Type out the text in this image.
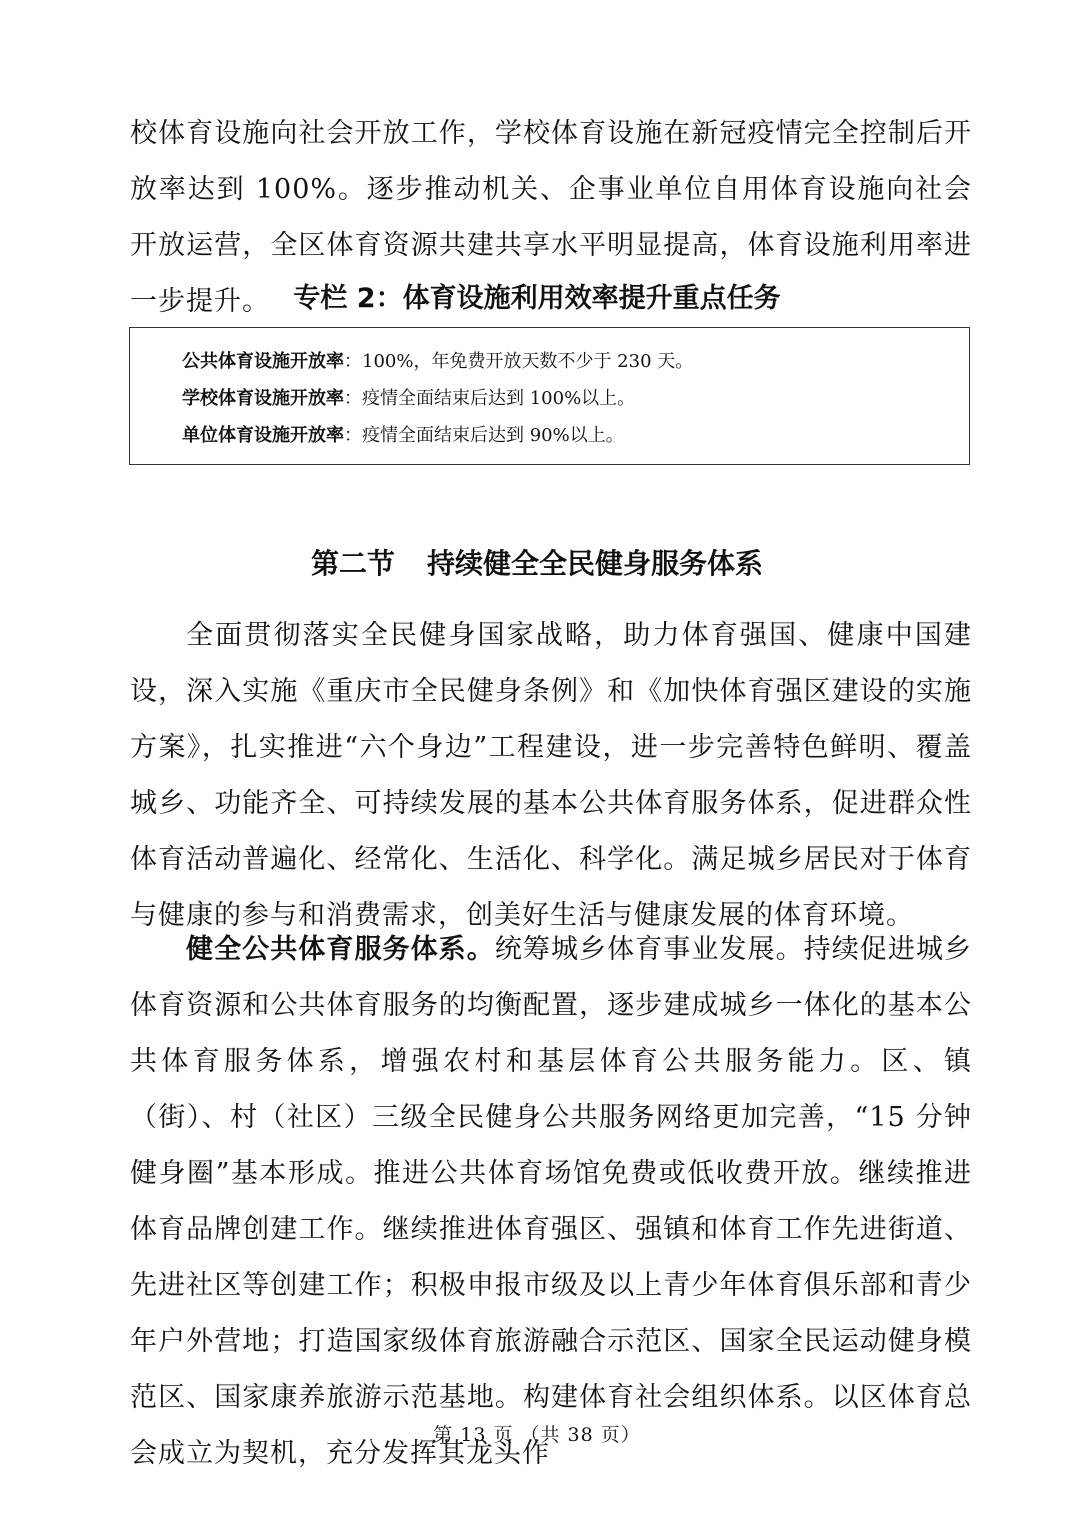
校体育设施向社会开放工作，学校体育设施在新冠疫情完全控制后开放率达到 100%。逐步推动机关、企事业单位自用体育设施向社会开放运营，全区体育资源共建共享水平明显提高，体育设施利用率进一步提升。 专栏 2：体育设施利用效率提升重点任务
公共体育设施开放率：100%，年免费开放天数不少于 230 天。
学校体育设施开放率：疫情全面结束后达到 100%以上。
单位体育设施开放率：疫情全面结束后达到 90%以上。
第二节 持续健全全民健身服务体系

全面贯彻落实全民健身国家战略，助力体育强国、健康中国建设，深入实施《重庆市全民健身条例》和《加快体育强区建设的实施方案》，扎实推进“六个身边”工程建设，进一步完善特色鲜明、覆盖城乡、功能齐全、可持续发展的基本公共体育服务体系，促进群众性体育活动普遍化、经常化、生活化、科学化。满足城乡居民对于体育与健康的参与和消费需求，创美好生活与健康发展的体育环境。

健全公共体育服务体系。统筹城乡体育事业发展。持续促进城乡体育资源和公共体育服务的均衡配置，逐步建成城乡一体化的基本公共体育服务体系，增强农村和基层体育公共服务能力。区、镇（街）、村（社区）三级全民健身公共服务网络更加完善，“15 分钟健身圈”基本形成。推进公共体育场馆免费或低收费开放。继续推进体育品牌创建工作。继续推进体育强区、强镇和体育工作先进街道、先进社区等创建工作；积极申报市级及以上青少年体育俱乐部和青少年户外营地；打造国家级体育旅游融合示范区、国家全民运动健身模范区、国家康养旅游示范基地。构建体育社会组织体系。以区体育总会成立为契机，充分发挥其龙头作

第 13 页 （共 38 页）
